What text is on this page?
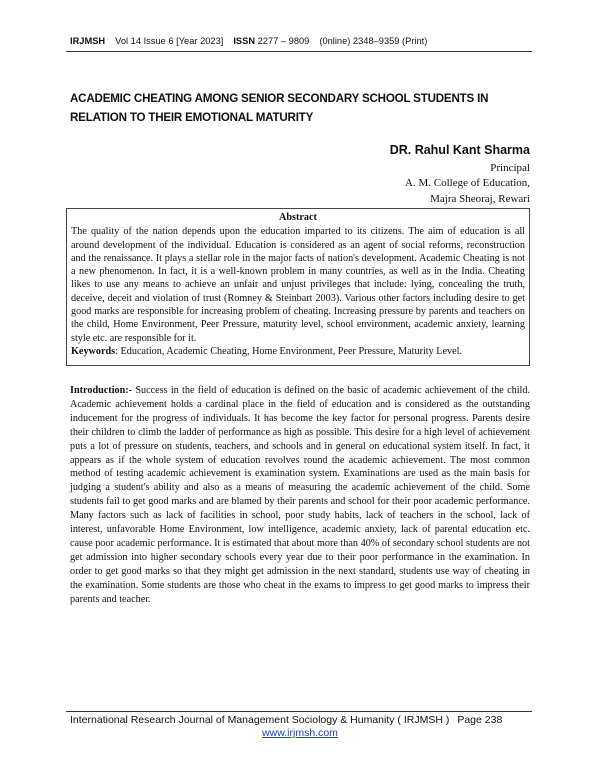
IRJMSH Vol 14 Issue 6 [Year 2023] ISSN 2277 – 9809 (0nline) 2348–9359 (Print)
ACADEMIC CHEATING AMONG SENIOR SECONDARY SCHOOL STUDENTS IN RELATION TO THEIR EMOTIONAL MATURITY
DR. Rahul Kant Sharma
Principal
A. M. College of Education,
Majra Sheoraj, Rewari
Abstract
The quality of the nation depends upon the education imparted to its citizens. The aim of education is all around development of the individual. Education is considered as an agent of social reforms, reconstruction and the renaissance. It plays a stellar role in the major facts of nation's development. Academic Cheating is not a new phenomenon. In fact, it is a well-known problem in many countries, as well as in the India. Cheating likes to use any means to achieve an unfair and unjust privileges that include: lying, concealing the truth, deceive, deceit and violation of trust (Romney & Steinbart 2003). Various other factors including desire to get good marks are responsible for increasing problem of cheating. Increasing pressure by parents and teachers on the child, Home Environment, Peer Pressure, maturity level, school environment, academic anxiety, learning style etc. are responsible for it.
Keywords: Education, Academic Cheating, Home Environment, Peer Pressure, Maturity Level.
Introduction:- Success in the field of education is defined on the basic of academic achievement of the child. Academic achievement holds a cardinal place in the field of education and is considered as the outstanding inducement for the progress of individuals. It has become the key factor for personal progress. Parents desire their children to climb the ladder of performance as high as possible. This desire for a high level of achievement puts a lot of pressure on students, teachers, and schools and in general on educational system itself. In fact, it appears as if the whole system of education revolves round the academic achievement. The most common method of testing academic achievement is examination system. Examinations are used as the main basis for judging a student's ability and also as a means of measuring the academic achievement of the child. Some students fail to get good marks and are blamed by their parents and school for their poor academic performance. Many factors such as lack of facilities in school, poor study habits, lack of teachers in the school, lack of interest, unfavorable Home Environment, low intelligence, academic anxiety, lack of parental education etc. cause poor academic performance. It is estimated that about more than 40% of secondary school students are not get admission into higher secondary schools every year due to their poor performance in the examination. In order to get good marks so that they might get admission in the next standard, students use way of cheating in the examination. Some students are those who cheat in the exams to impress to get good marks to impress their parents and teacher.
International Research Journal of Management Sociology & Humanity ( IRJMSH ) Page 238
www.irjmsh.com
